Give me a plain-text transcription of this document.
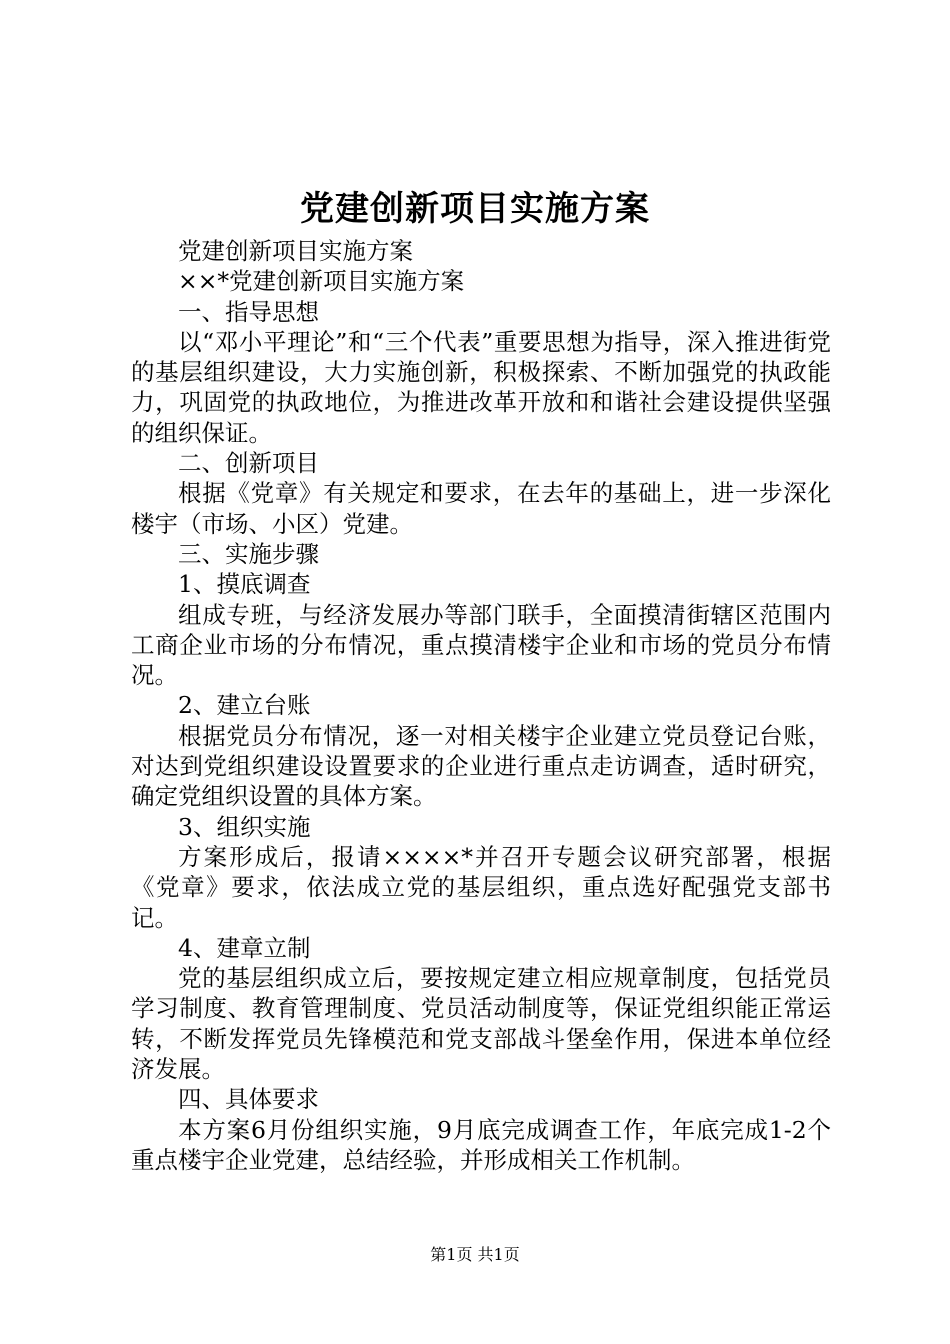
党建创新项目实施方案

党建创新项目实施方案

××*党建创新项目实施方案

一、指导思想

以“邓小平理论”和“三个代表”重要思想为指导，深入推进街党的基层组织建设，大力实施创新，积极探索、不断加强党的执政能力，巩固党的执政地位，为推进改革开放和和谐社会建设提供坚强的组织保证。

二、创新项目

根据《党章》有关规定和要求，在去年的基础上，进一步深化楼宇（市场、小区）党建。

三、实施步骤

1、摸底调查

组成专班，与经济发展办等部门联手，全面摸清街辖区范围内工商企业市场的分布情况，重点摸清楼宇企业和市场的党员分布情况。

2、建立台账

根据党员分布情况，逐一对相关楼宇企业建立党员登记台账，对达到党组织建设设置要求的企业进行重点走访调查，适时研究，确定党组织设置的具体方案。

3、组织实施

方案形成后，报请××××*并召开专题会议研究部署，根据《党章》要求，依法成立党的基层组织，重点选好配强党支部书记。

4、建章立制

党的基层组织成立后，要按规定建立相应规章制度，包括党员学习制度、教育管理制度、党员活动制度等，保证党组织能正常运转，不断发挥党员先锋模范和党支部战斗堡垒作用，保进本单位经济发展。

四、具体要求

本方案6月份组织实施，9月底完成调查工作，年底完成1-2个重点楼宇企业党建，总结经验，并形成相关工作机制。

第1页 共1页
